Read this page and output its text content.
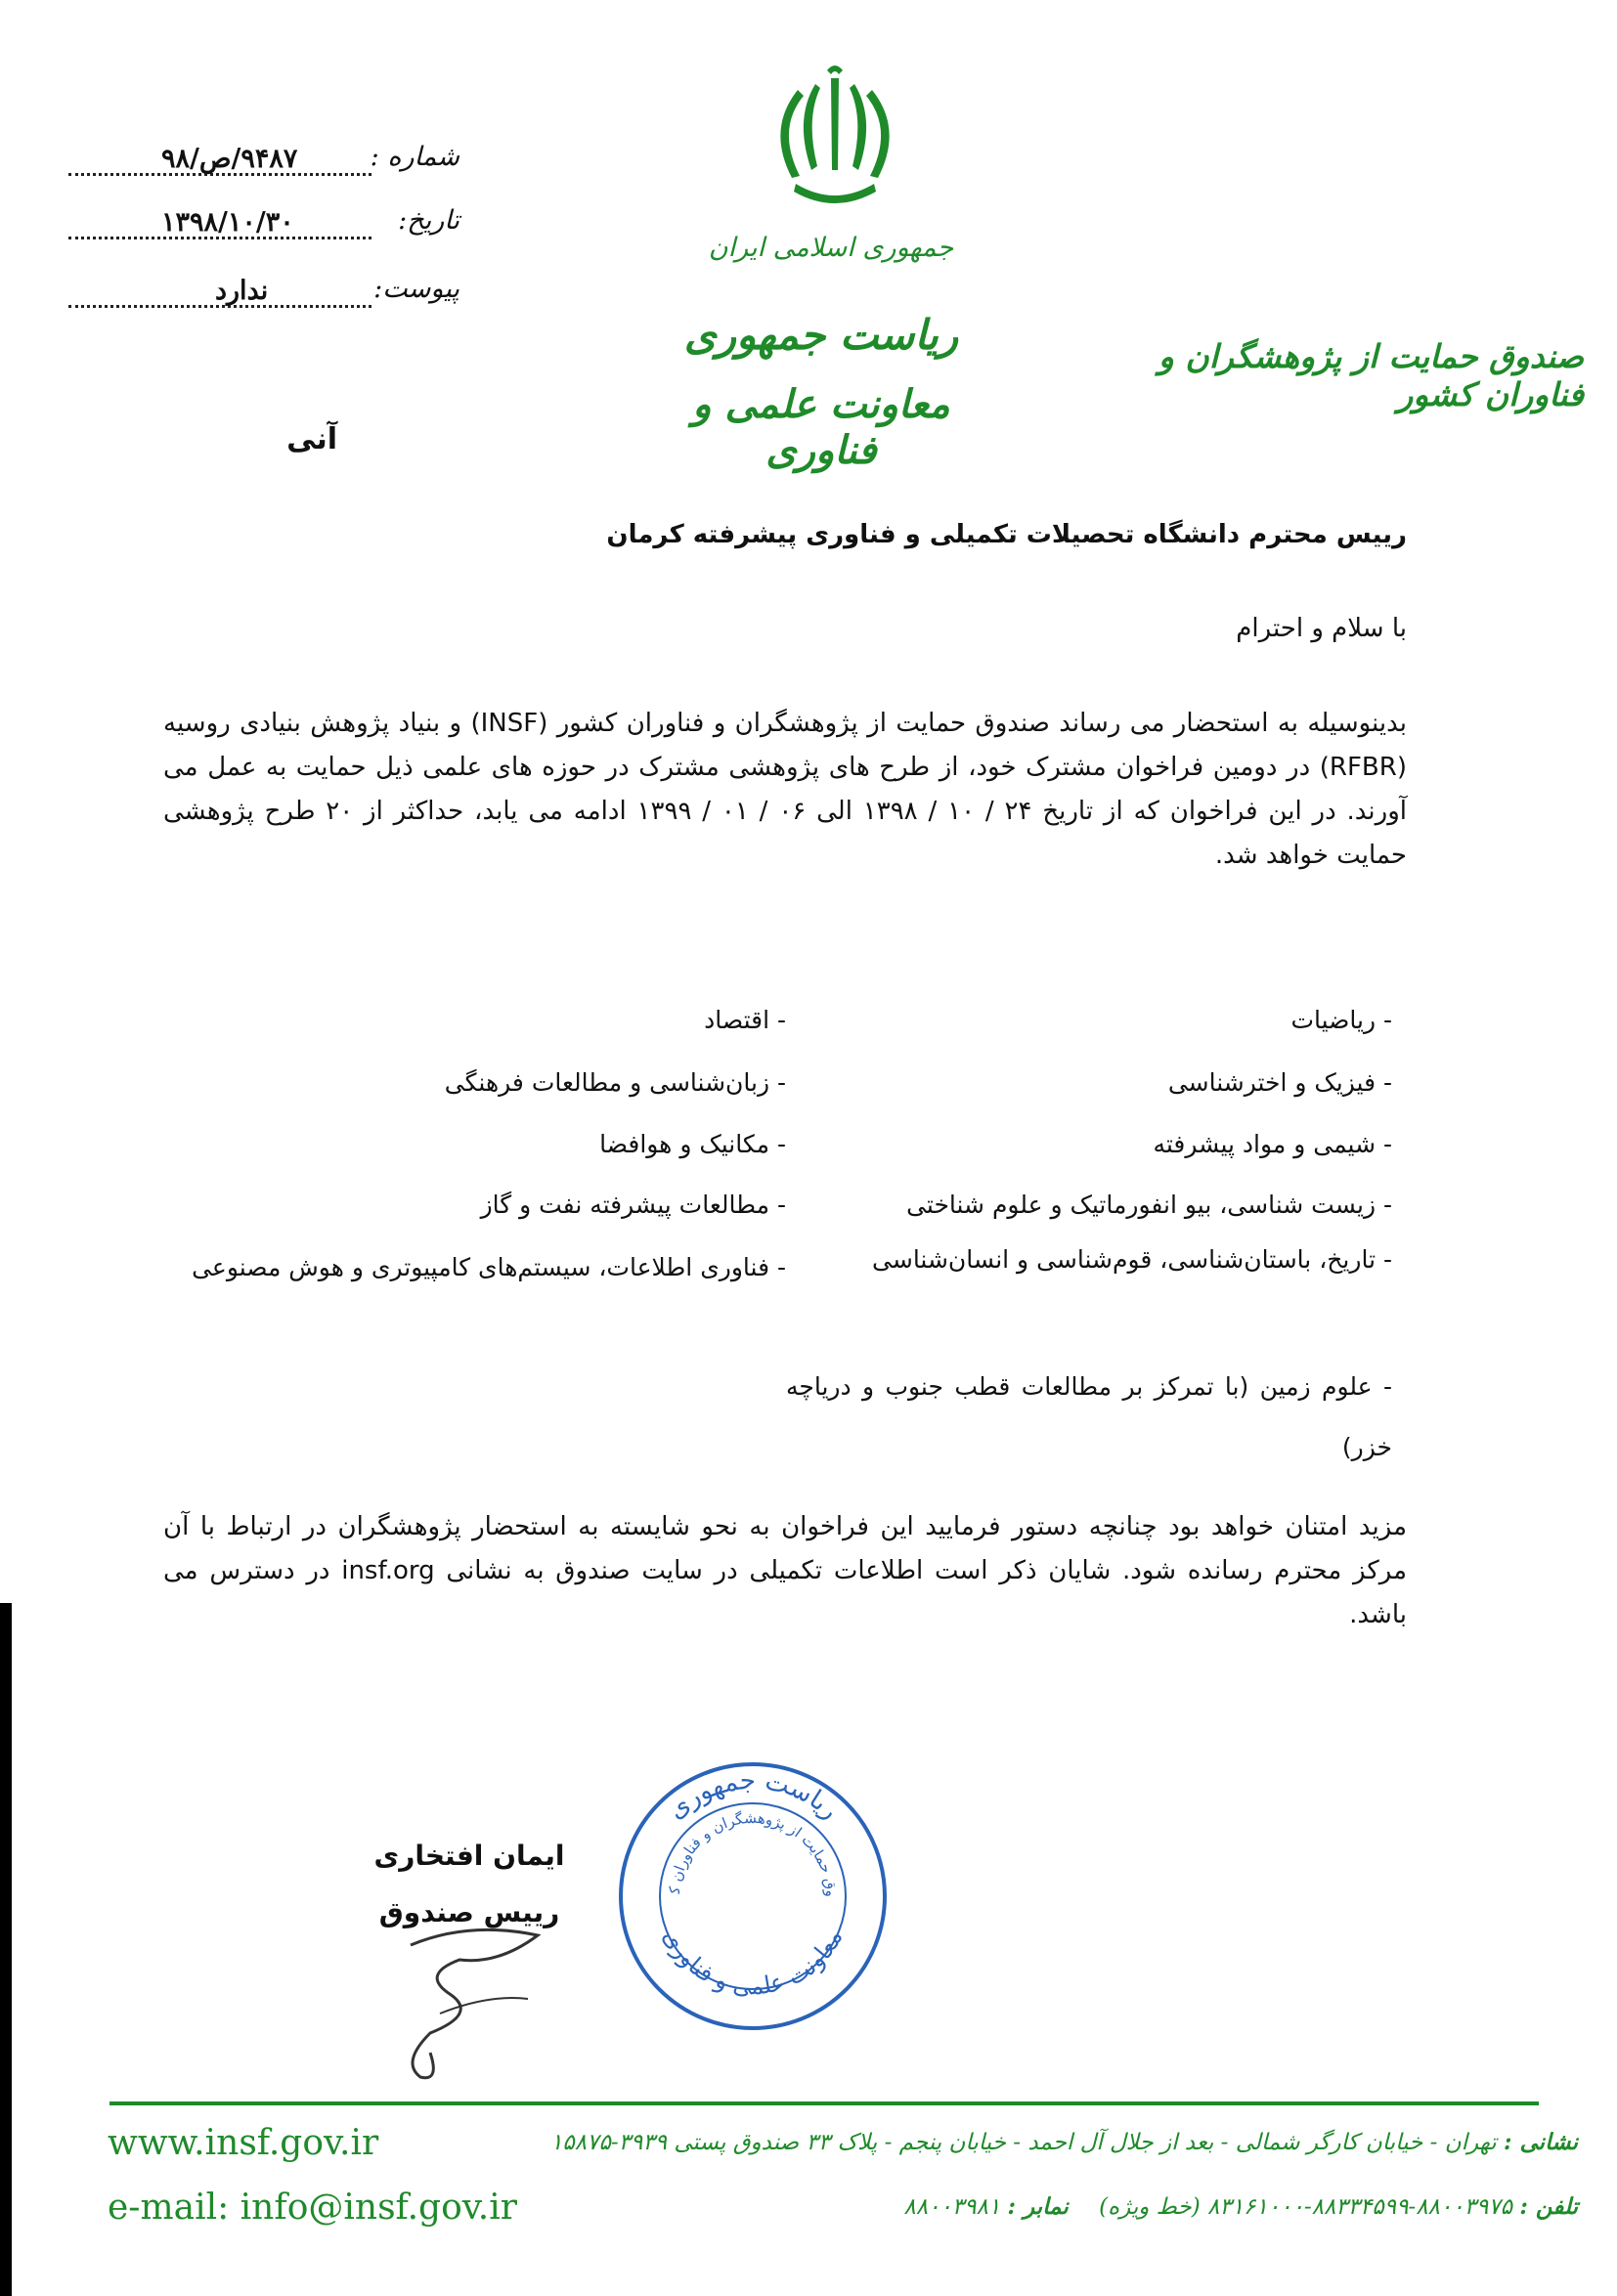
جمهوری اسلامی ایران
ریاست جمهوری
معاونت علمی و فناوری
صندوق حمایت از پژوهشگران و فناوران کشور
شماره :
۹۴۸۷/ص/۹۸
تاریخ:
۱۳۹۸/۱۰/۳۰
پیوست:
ندارد
آنی
رییس محترم دانشگاه تحصیلات تکمیلی و فناوری پیشرفته کرمان
با سلام و احترام
بدینوسیله به استحضار می رساند صندوق حمایت از پژوهشگران و فناوران کشور (INSF) و بنیاد پژوهش بنیادی روسیه (RFBR) در دومین فراخوان مشترک خود، از طرح های پژوهشی مشترک در حوزه های علمی ذیل حمایت به عمل می آورند. در این فراخوان که از تاریخ ۲۴ / ۱۰ / ۱۳۹۸ الی ۰۶ / ۰۱ / ۱۳۹۹ ادامه می یابد، حداکثر از ۲۰ طرح پژوهشی حمایت خواهد شد.
- ریاضیات
- فیزیک و اخترشناسی
- شیمی و مواد پیشرفته
- زیست شناسی، بیو انفورماتیک و علوم شناختی
- تاریخ، باستان‌شناسی، قوم‌شناسی و انسان‌شناسی
- علوم زمین (با تمرکز بر مطالعات قطب جنوب و دریاچه خزر)
- اقتصاد
- زبان‌شناسی و مطالعات فرهنگی
- مکانیک و هوافضا
- مطالعات پیشرفته نفت و گاز
- فناوری اطلاعات، سیستم‌های کامپیوتری و هوش مصنوعی
مزید امتنان خواهد بود چنانچه دستور فرمایید این فراخوان به نحو شایسته به استحضار پژوهشگران در ارتباط با آن مرکز محترم رسانده شود. شایان ذکر است اطلاعات تکمیلی در سایت صندوق به نشانی insf.org در دسترس می باشد.
ایمان افتخاری
رییس صندوق
ریاست جمهوری
وق حمایت از پژوهشگران و فناوران ک
معاونت علمی و فناوری
نشانی : تهران - خیابان کارگر شمالی - بعد از جلال آل احمد - خیابان پنجم - پلاک ۳۳ صندوق پستی ۳۹۳۹-۱۵۸۷۵
تلفن : ۸۸۰۰۳۹۷۵-۸۸۳۳۴۵۹۹-۸۳۱۶۱۰۰۰ (خط ویژه) نمابر : ۸۸۰۰۳۹۸۱
www.insf.gov.ir
e-mail: info@insf.gov.ir
